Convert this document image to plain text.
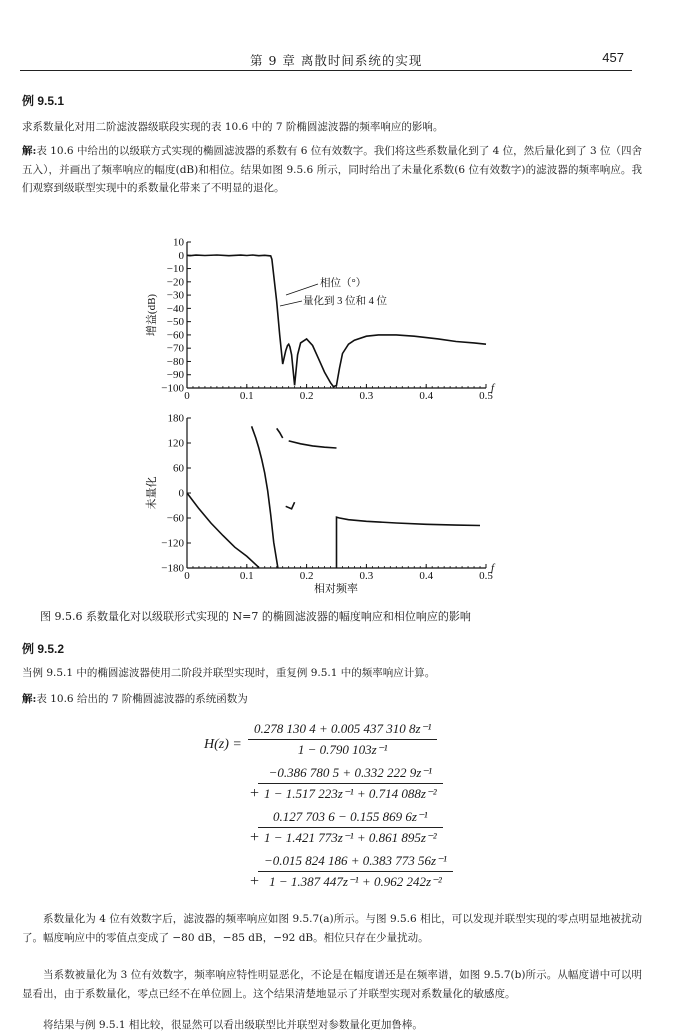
第 9 章 离散时间系统的实现	457
例 9.5.1
求系数量化对用二阶滤波器级联段实现的表 10.6 中的 7 阶椭圆滤波器的频率响应的影响。
解:表 10.6 中给出的以级联方式实现的椭圆滤波器的系数有 6 位有效数字。我们将这些系数量化到了 4 位，然后量化到了 3 位（四舍五入），并画出了频率响应的幅度(dB)和相位。结果如图 9.5.6 所示，同时给出了未量化系数(6 位有效数字)的滤波器的频率响应。我们观察到级联型实现中的系数量化带来了不明显的退化。
10
0
−10
−20
−30
−40
−50
−60
−70
−80
−90
−100
0	0.1	0.2	0.3	0.4	0.5
增益(dB)
f
相位（°）
量化到 3 位和 4 位
180
120
60
0
−60
−120
−180
0	0.1	0.2	0.3	0.4	0.5
未量化
f
相对频率
图 9.5.6 系数量化对以级联形式实现的 N=7 的椭圆滤波器的幅度响应和相位响应的影响
例 9.5.2
当例 9.5.1 中的椭圆滤波器使用二阶段并联型实现时，重复例 9.5.1 中的频率响应计算。
解:表 10.6 给出的 7 阶椭圆滤波器的系统函数为
$H(z) = \frac{\text{0.278 130 4 + 0.005 437 310 8z⁻¹}}{\text{1 − 0.790 103z⁻¹}}$
+
$\frac{\text{−0.386 780 5 + 0.332 222 9z⁻¹}}{\text{1 − 1.517 223z⁻¹ + 0.714 088z⁻²}}$
+
$\frac{\text{0.127 703 6 − 0.155 869 6z⁻¹}}{\text{1 − 1.421 773z⁻¹ + 0.861 895z⁻²}}$
+
$\frac{\text{−0.015 824 186 + 0.383 773 56z⁻¹}}{\text{1 − 1.387 447z⁻¹ + 0.962 242z⁻²}}$
系数量化为 4 位有效数字后，滤波器的频率响应如图 9.5.7(a)所示。与图 9.5.6 相比，可以发现并联型实现的零点明显地被扰动了。幅度响应中的零值点变成了 −80 dB，−85 dB，−92 dB。相位只存在少量扰动。
当系数被量化为 3 位有效数字，频率响应特性明显恶化，不论是在幅度谱还是在频率谱，如图 9.5.7(b)所示。从幅度谱中可以明显看出，由于系数量化，零点已经不在单位圆上。这个结果清楚地显示了并联型实现对系数量化的敏感度。
将结果与例 9.5.1 相比较，很显然可以看出级联型比并联型对参数量化更加鲁棒。
